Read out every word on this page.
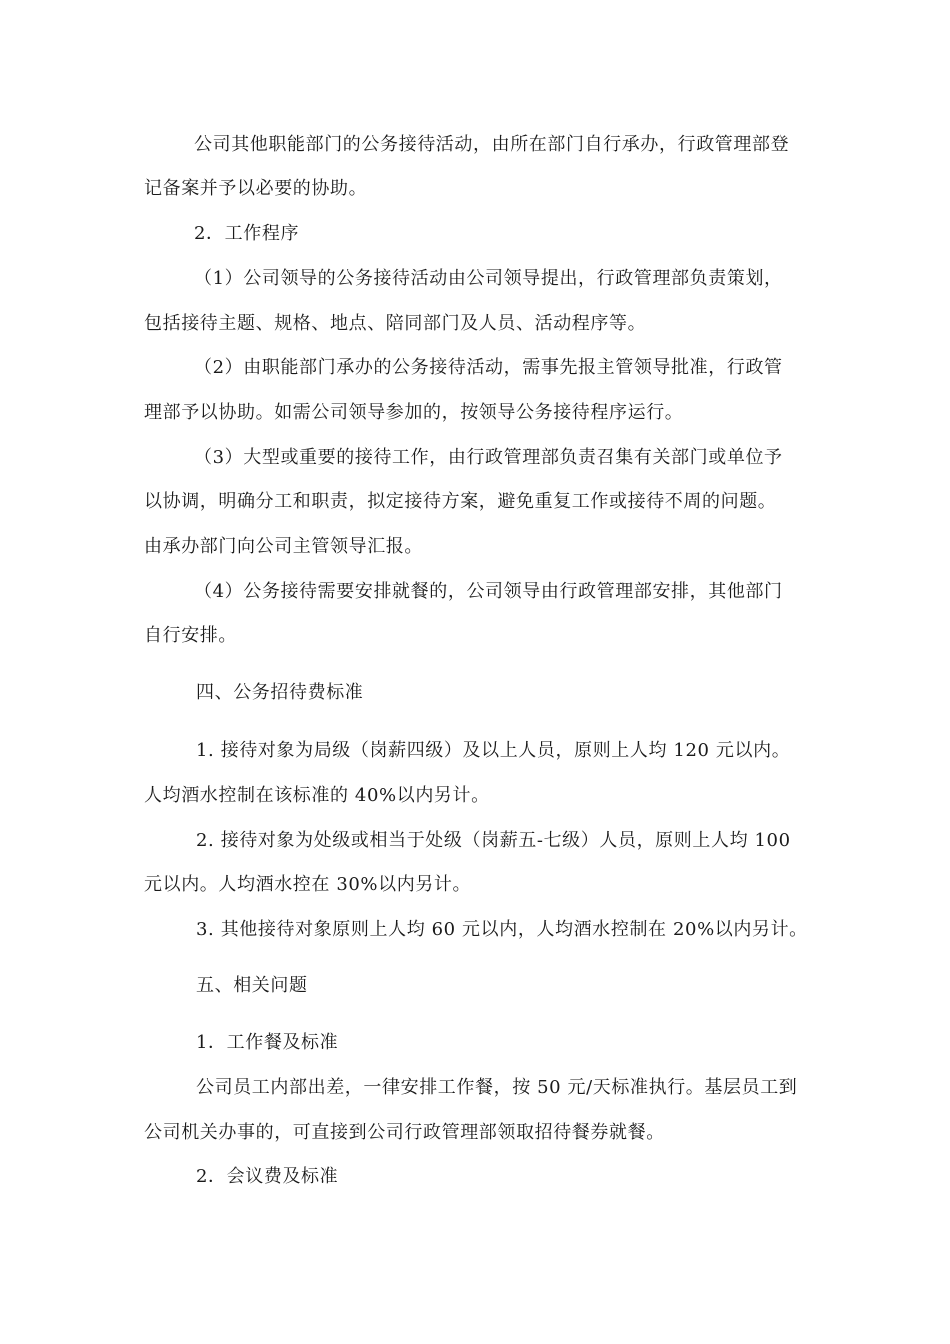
公司其他职能部门的公务接待活动，由所在部门自行承办，行政管理部登
记备案并予以必要的协助。
2．工作程序
（1）公司领导的公务接待活动由公司领导提出，行政管理部负责策划，
包括接待主题、规格、地点、陪同部门及人员、活动程序等。
（2）由职能部门承办的公务接待活动，需事先报主管领导批准，行政管
理部予以协助。如需公司领导参加的，按领导公务接待程序运行。
（3）大型或重要的接待工作，由行政管理部负责召集有关部门或单位予
以协调，明确分工和职责，拟定接待方案，避免重复工作或接待不周的问题。
由承办部门向公司主管领导汇报。
（4）公务接待需要安排就餐的，公司领导由行政管理部安排，其他部门
自行安排。
四、公务招待费标准
1. 接待对象为局级（岗薪四级）及以上人员，原则上人均 120 元以内。
人均酒水控制在该标准的 40%以内另计。
2. 接待对象为处级或相当于处级（岗薪五-七级）人员，原则上人均 100
元以内。人均酒水控在 30%以内另计。
3. 其他接待对象原则上人均 60 元以内，人均酒水控制在 20%以内另计。
五、相关问题
1．工作餐及标准
公司员工内部出差，一律安排工作餐，按 50 元/天标准执行。基层员工到
公司机关办事的，可直接到公司行政管理部领取招待餐券就餐。
2．会议费及标准
